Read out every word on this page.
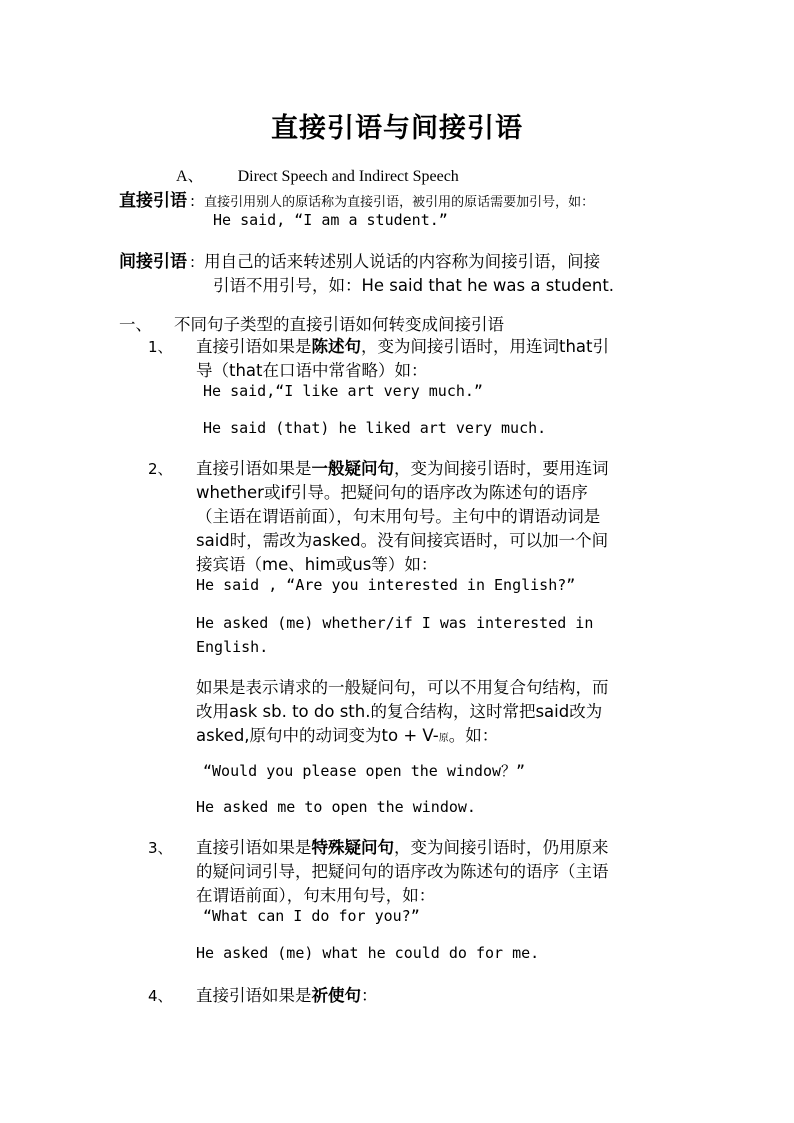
直接引语与间接引语
A、 Direct Speech and Indirect Speech
直接引语 : 直接引用别人的原话称为直接引语，被引用的原话需要加引号，如：
He said, “I am a student.”
间接引语 : 用自己的话来转述别人说话的内容称为间接引语，间接
引语不用引号，如：He said that he was a student.
一、 不同句子类型的直接引语如何转变成间接引语
1、 直接引语如果是陈述句，变为间接引语时，用连词that引
导（that在口语中常省略）如：
He said,“I like art very much.”
He said (that) he liked art very much.
2、 直接引语如果是一般疑问句，变为间接引语时，要用连词
whether或if引导。把疑问句的语序改为陈述句的语序
（主语在谓语前面），句末用句号。主句中的谓语动词是
said时，需改为asked。没有间接宾语时，可以加一个间
接宾语（me、him或us等）如：
He said , “Are you interested in English?”
He asked (me) whether/if I was interested in
English.
如果是表示请求的一般疑问句，可以不用复合句结构，而
改用ask sb. to do sth.的复合结构，这时常把said改为
asked,原句中的动词变为to + V-原。如：
“Would you please open the window？”
He asked me to open the window.
3、 直接引语如果是特殊疑问句，变为间接引语时，仍用原来
的疑问词引导，把疑问句的语序改为陈述句的语序（主语
在谓语前面），句末用句号，如：
“What can I do for you?”
He asked (me) what he could do for me.
4、 直接引语如果是祈使句：
